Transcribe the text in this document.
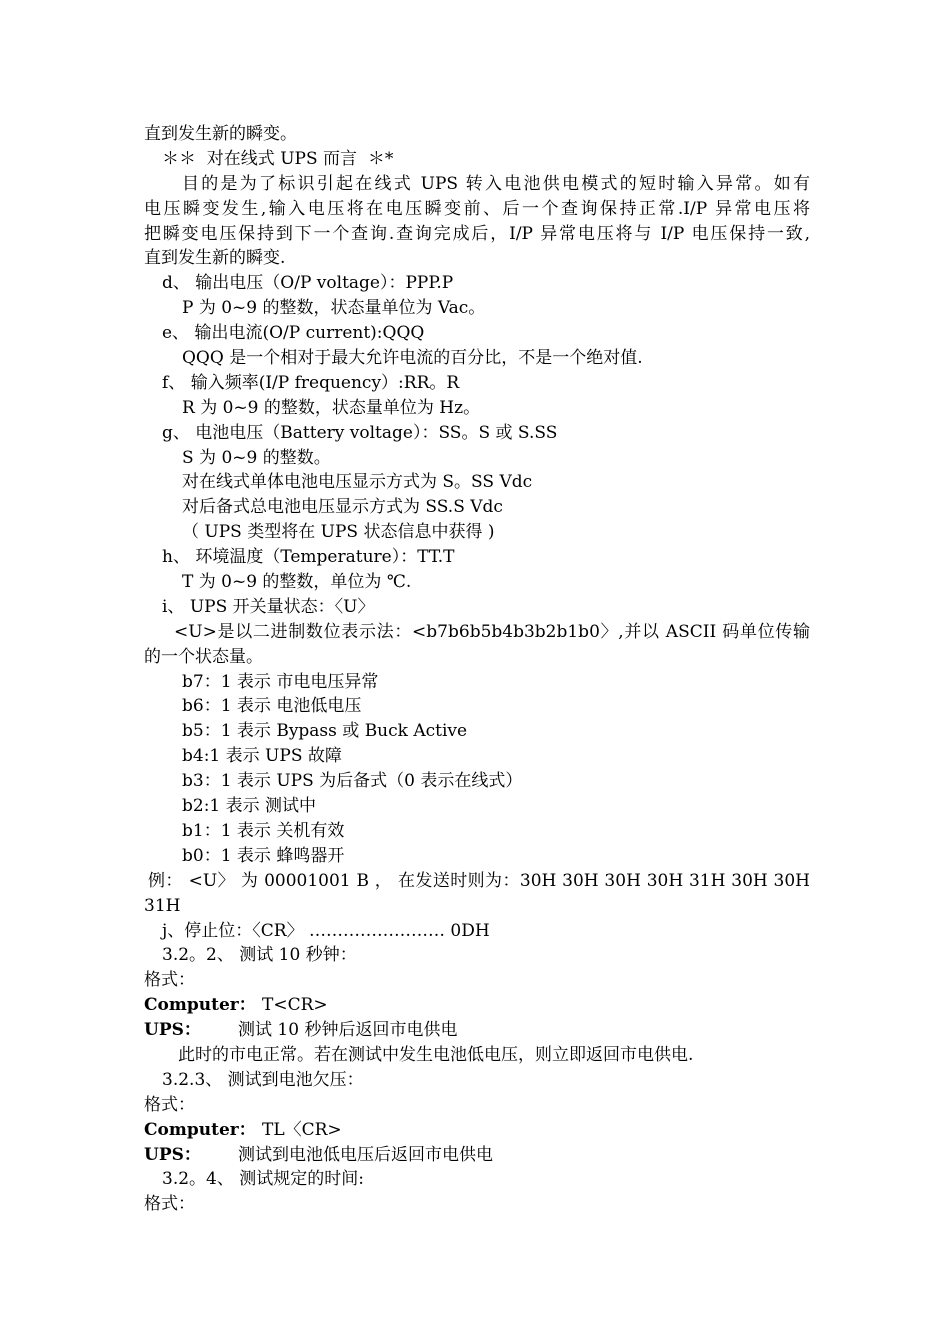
直到发生新的瞬变。
＊＊  对在线式 UPS 而言  ＊*
目的是为了标识引起在线式 UPS 转入电池供电模式的短时输入异常。如有
电压瞬变发生,输入电压将在电压瞬变前、后一个查询保持正常.I/P 异常电压将
把瞬变电压保持到下一个查询.查询完成后，I/P 异常电压将与 I/P 电压保持一致,
直到发生新的瞬变.
d、 输出电压（O/P voltage）：PPP.P
P 为 0~9 的整数，状态量单位为 Vac。
e、 输出电流(O/P current):QQQ
QQQ 是一个相对于最大允许电流的百分比，不是一个绝对值.
f、 输入频率(I/P frequency）:RR。R
R 为 0~9 的整数，状态量单位为 Hz。
g、 电池电压（Battery voltage）：SS。S 或 S.SS
S 为 0~9 的整数。
对在线式单体电池电压显示方式为 S。SS Vdc
对后备式总电池电压显示方式为 SS.S Vdc
（ UPS 类型将在 UPS 状态信息中获得 )
h、 环境温度（Temperature）：TT.T
T 为 0~9 的整数，单位为 ℃.
i、 UPS 开关量状态：〈U〉
<U>是以二进制数位表示法：<b7b6b5b4b3b2b1b0〉,并以 ASCII 码单位传输
的一个状态量。
b7：1 表示 市电电压异常
b6：1 表示 电池低电压
b5：1 表示 Bypass 或 Buck Active
b4:1 表示 UPS 故障
b3：1 表示 UPS 为后备式（0 表示在线式）
b2:1 表示 测试中
b1：1 表示 关机有效
b0：1 表示 蜂鸣器开
例： <U〉 为 00001001 B ， 在发送时则为：30H 30H 30H 30H 31H 30H 30H
31H
j、停止位：〈CR〉 …………………… 0DH
3.2。2、 测试 10 秒钟：
格式：
Computer： T<CR>
UPS：	测试 10 秒钟后返回市电供电
此时的市电正常。若在测试中发生电池低电压，则立即返回市电供电.
3.2.3、 测试到电池欠压：
格式：
Computer： TL〈CR>
UPS：	测试到电池低电压后返回市电供电
3.2。4、 测试规定的时间:
格式：
